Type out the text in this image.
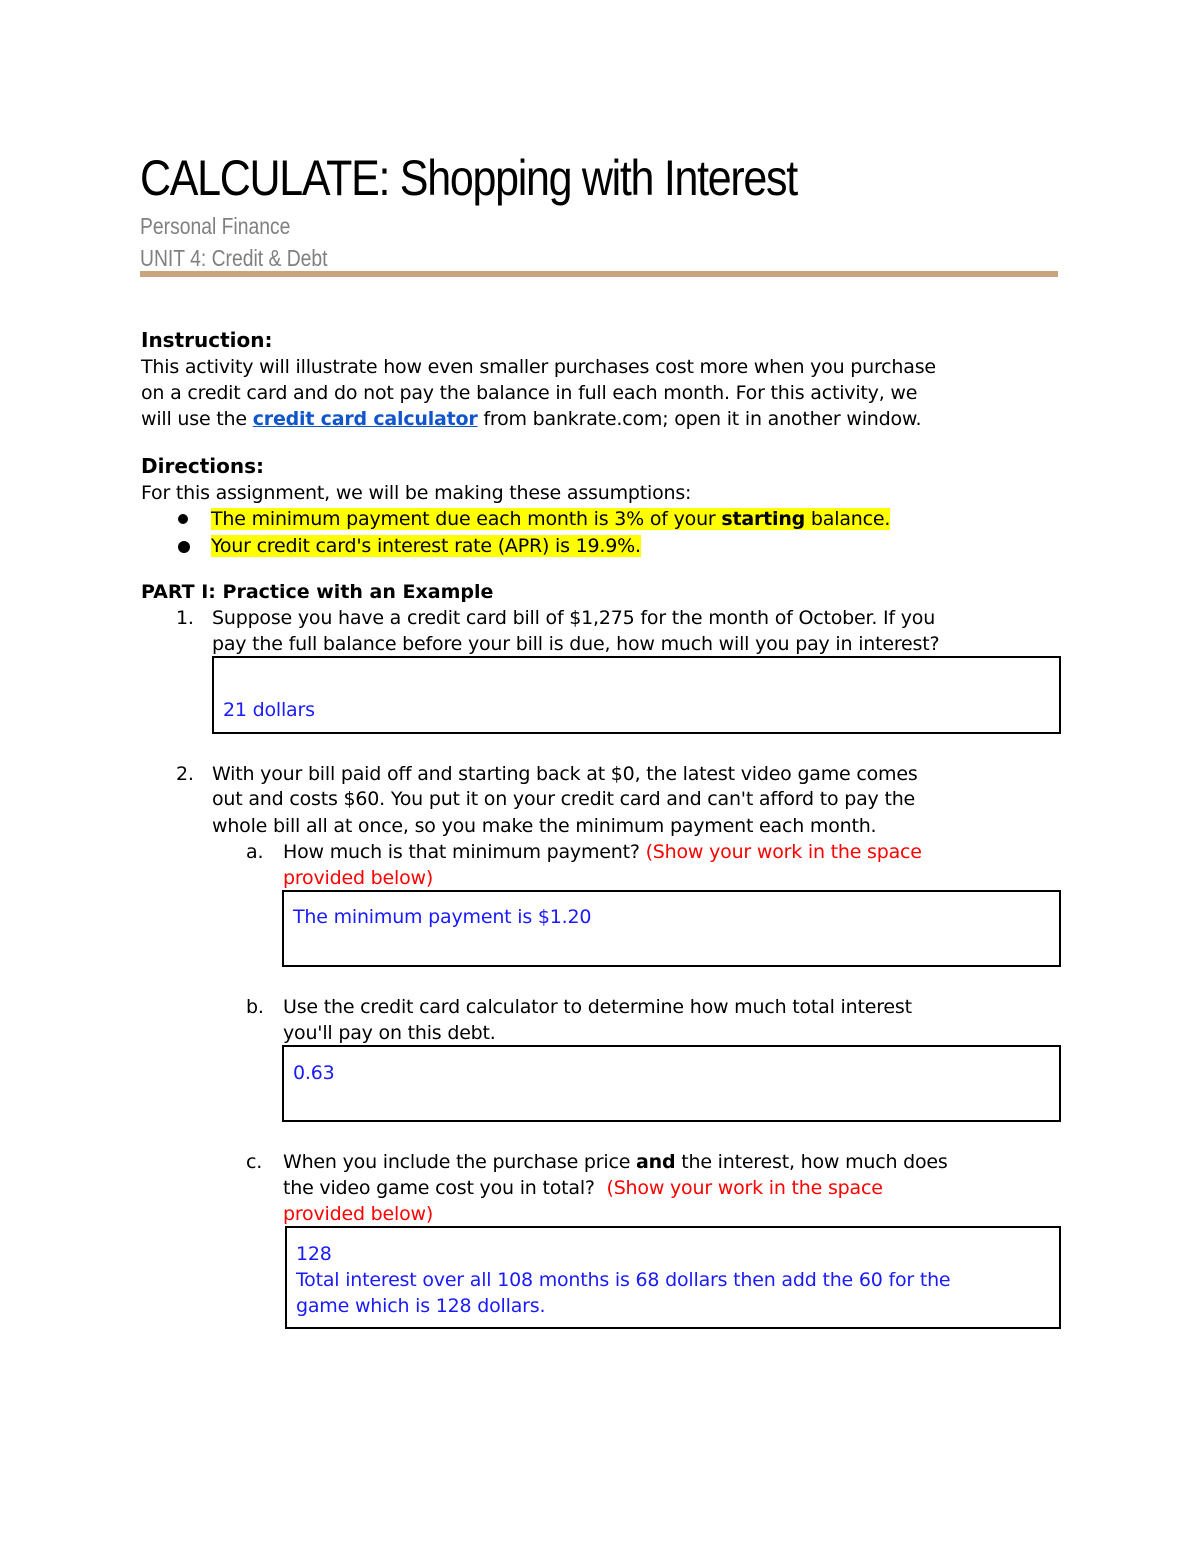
CALCULATE: Shopping with Interest
Personal Finance
UNIT 4: Credit & Debt
Instruction:
This activity will illustrate how even smaller purchases cost more when you purchase
on a credit card and do not pay the balance in full each month. For this activity, we
will use the credit card calculator from bankrate.com; open it in another window.
Directions:
For this assignment, we will be making these assumptions:
The minimum payment due each month is 3% of your starting balance.
Your credit card's interest rate (APR) is 19.9%.
PART I: Practice with an Example
1. Suppose you have a credit card bill of $1,275 for the month of October. If you
pay the full balance before your bill is due, how much will you pay in interest?
21 dollars
2. With your bill paid off and starting back at $0, the latest video game comes
out and costs $60. You put it on your credit card and can't afford to pay the
whole bill all at once, so you make the minimum payment each month.
a. How much is that minimum payment? (Show your work in the space
provided below)
The minimum payment is $1.20
b. Use the credit card calculator to determine how much total interest
you'll pay on this debt.
0.63
c. When you include the purchase price and the interest, how much does
the video game cost you in total?  (Show your work in the space
provided below)
128
Total interest over all 108 months is 68 dollars then add the 60 for the
game which is 128 dollars.
